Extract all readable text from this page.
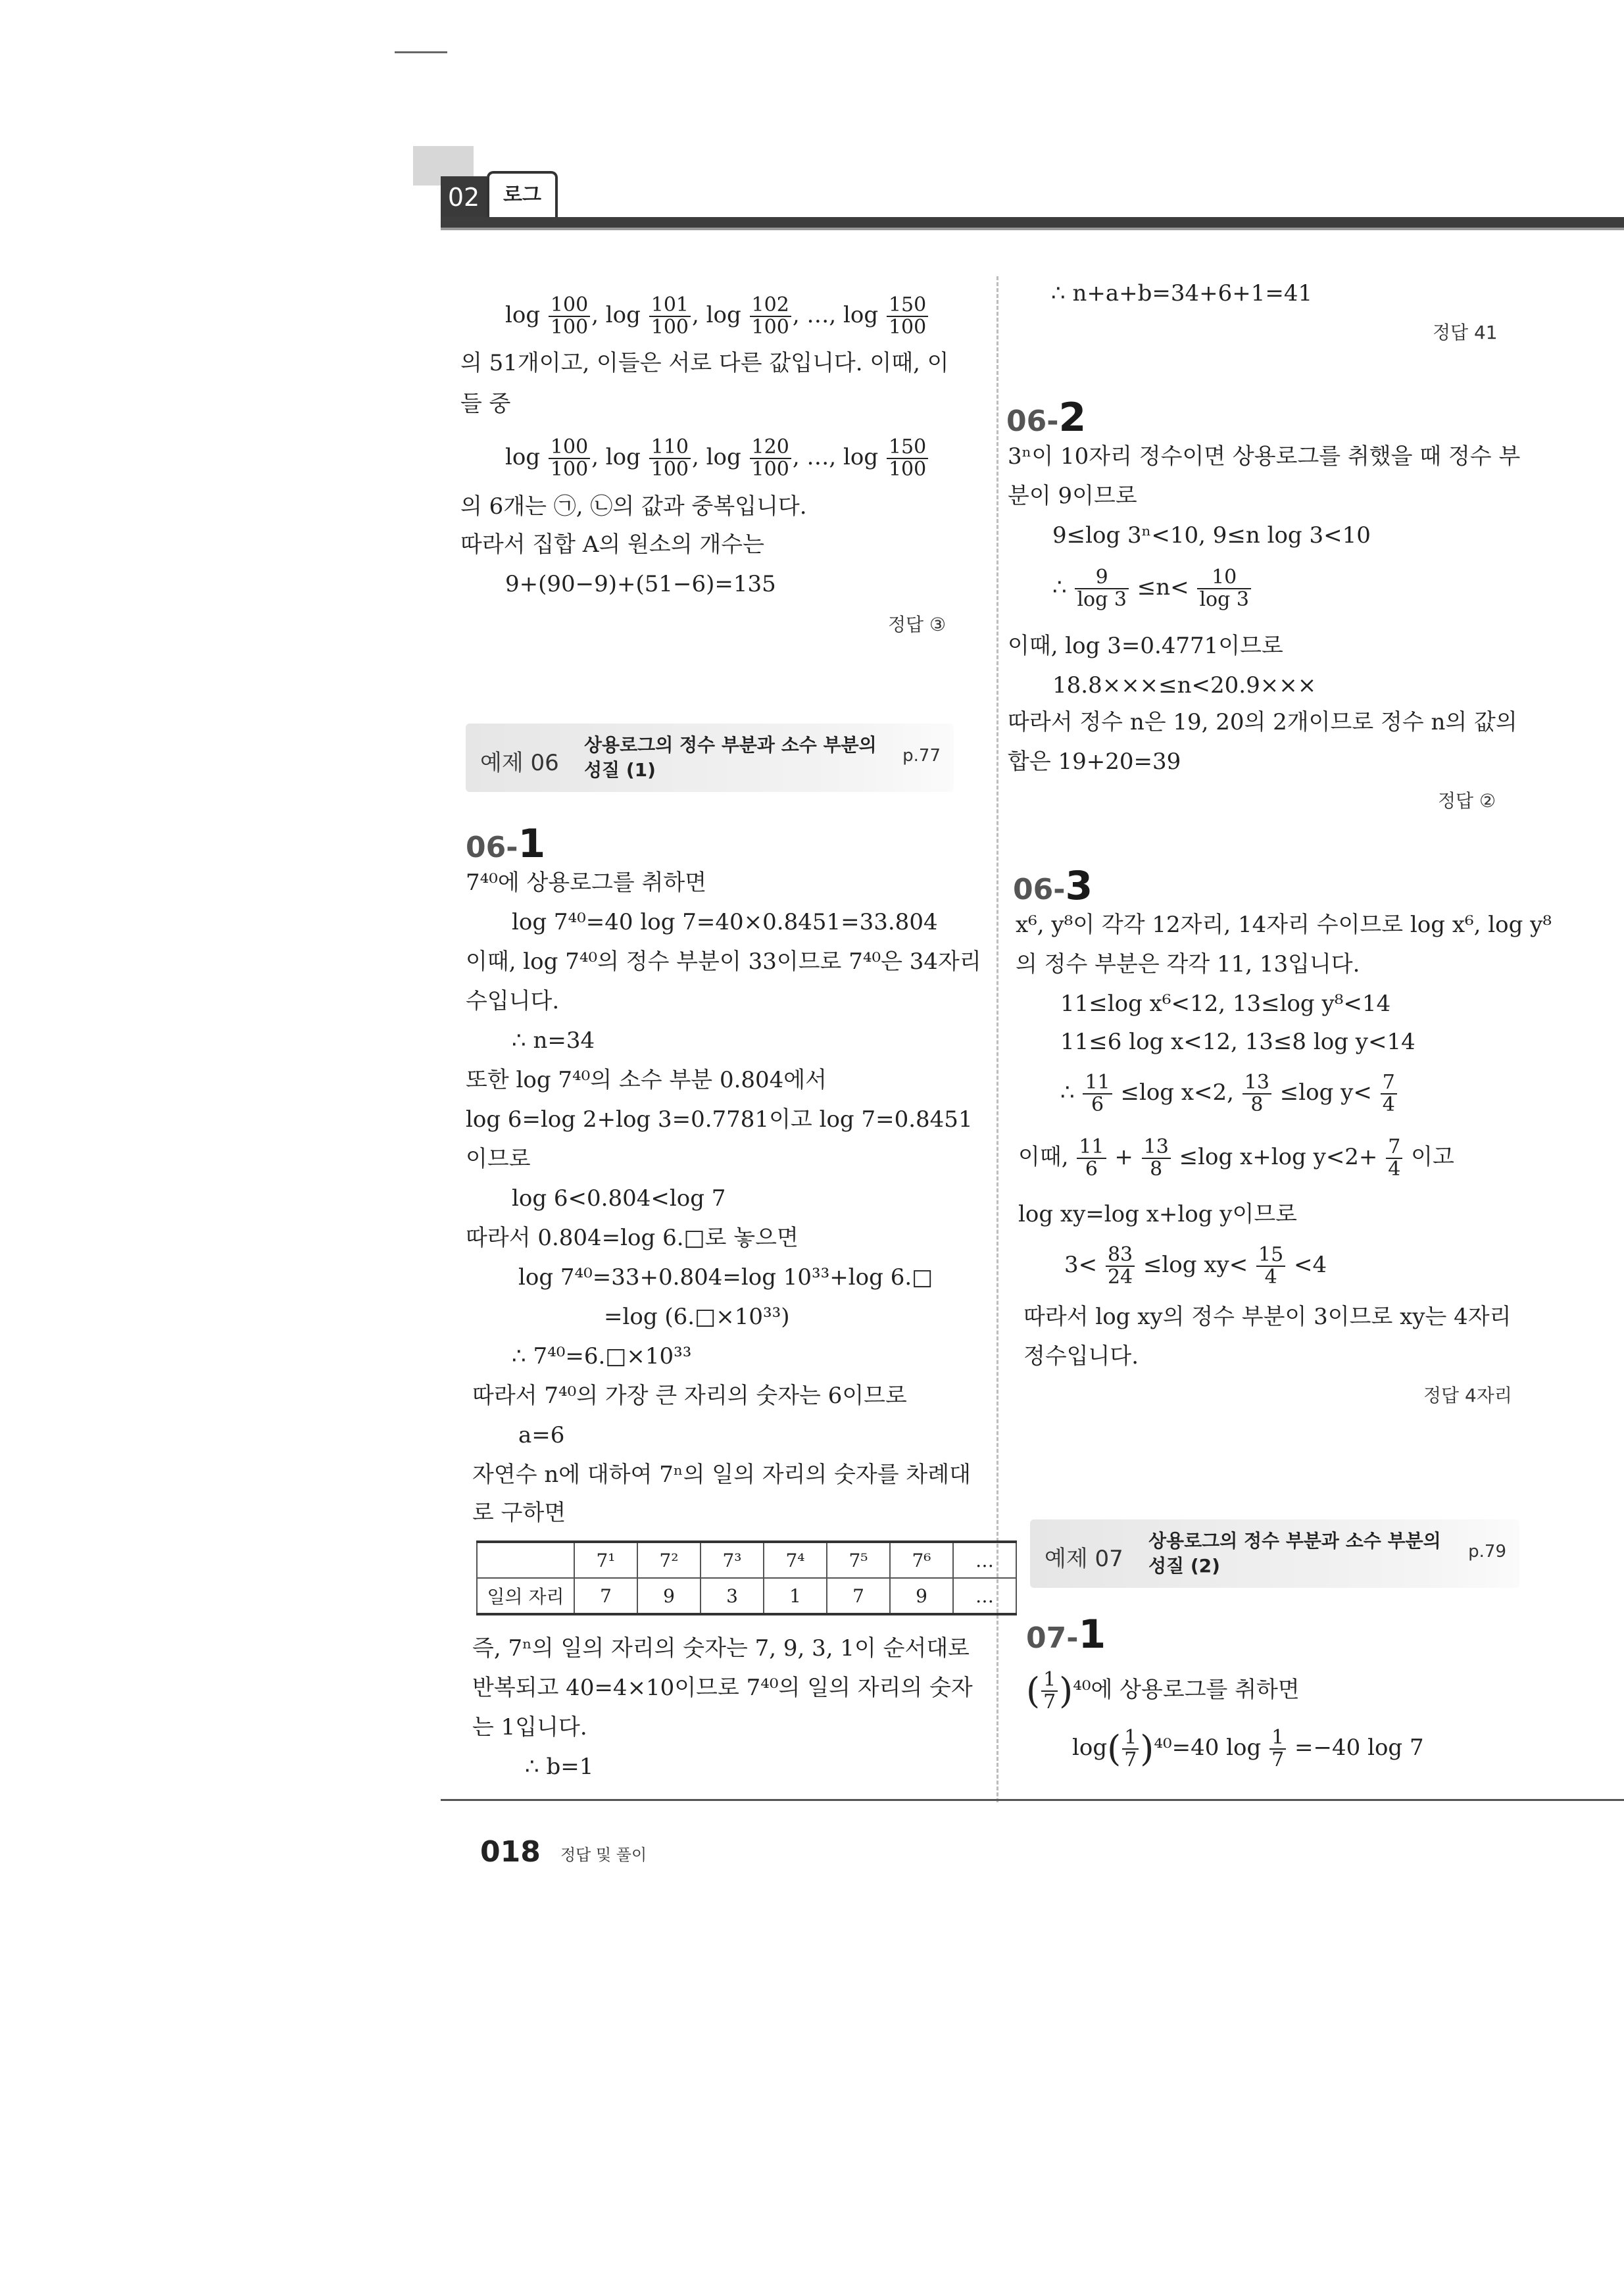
02	로그
$\log \frac{100}{100}$ , $\log \frac{101}{100}$ , $\log \frac{102}{100}$ , …, $\log \frac{150}{100}$
의 51개이고, 이들은 서로 다른 값입니다. 이때, 이
들 중
$\log \frac{100}{100}$ , $\log \frac{110}{100}$ , $\log \frac{120}{100}$ , …, $\log \frac{150}{100}$
의 6개는 ㉠, ㉡의 값과 중복입니다.
따라서 집합 A의 원소의 개수는
9+(90−9)+(51−6)=135
정답 ③
예제 06
상용로그의 정수 부분과 소수 부분의
성질 (1)
p.77
06-1
7⁴⁰에 상용로그를 취하면
log 7⁴⁰=40 log 7=40×0.8451=33.804
이때, log 7⁴⁰의 정수 부분이 33이므로 7⁴⁰은 34자리
수입니다.
∴ n=34
또한 log 7⁴⁰의 소수 부분 0.804에서
log 6=log 2+log 3=0.7781이고 log 7=0.8451
이므로
log 6<0.804<log 7
따라서 0.804=log 6.□로 놓으면
log 7⁴⁰=33+0.804=log 10³³+log 6.□
=log (6.□×10³³)
∴ 7⁴⁰=6.□×10³³
따라서 7⁴⁰의 가장 큰 자리의 숫자는 6이므로
a=6
자연수 n에 대하여 7ⁿ의 일의 자리의 숫자를 차례대
로 구하면
	7¹	7²	7³	7⁴	7⁵	7⁶	…
일의 자리	7	9	3	1	7	9	…
즉, 7ⁿ의 일의 자리의 숫자는 7, 9, 3, 1이 순서대로
반복되고 40=4×10이므로 7⁴⁰의 일의 자리의 숫자
는 1입니다.
∴ b=1
∴ n+a+b=34+6+1=41
정답 41
06-2
3ⁿ이 10자리 정수이면 상용로그를 취했을 때 정수 부
분이 9이므로
9≤log 3ⁿ<10, 9≤n log 3<10
∴ $\frac{9}{\log 3} \le n< \frac{10}{\log 3}$
이때, log 3=0.4771이므로
18.8×××≤n<20.9×××
따라서 정수 n은 19, 20의 2개이므로 정수 n의 값의
합은 19+20=39
정답 ②
06-3
x⁶, y⁸이 각각 12자리, 14자리 수이므로 log x⁶, log y⁸
의 정수 부분은 각각 11, 13입니다.
11≤log x⁶<12, 13≤log y⁸<14
11≤6 log x<12, 13≤8 log y<14
∴ $\frac{11}{6} \le\log$ x<2, $\frac{13}{8} \le\log$ $y< \frac{7}{4}$
이때, $\frac{11}{6} + \frac{13}{8} \le\log$ x+log $y<2+ \frac{7}{4}$ 이고
log xy=log x+log y이므로
$3< \frac{83}{24} \le\log$ $xy< \frac{15}{4} <4$
따라서 log xy의 정수 부분이 3이므로 xy는 4자리
정수입니다.
정답 4자리
예제 07
상용로그의 정수 부분과 소수 부분의
성질 (2)
p.79
07-1
( $\frac{1}{7} )^{40}$에 상용로그를 취하면
$\log( \frac{1}{7} )^{40}=40$ $\log \frac{1}{7} =-40$ log 7
018 정답 및 풀이
